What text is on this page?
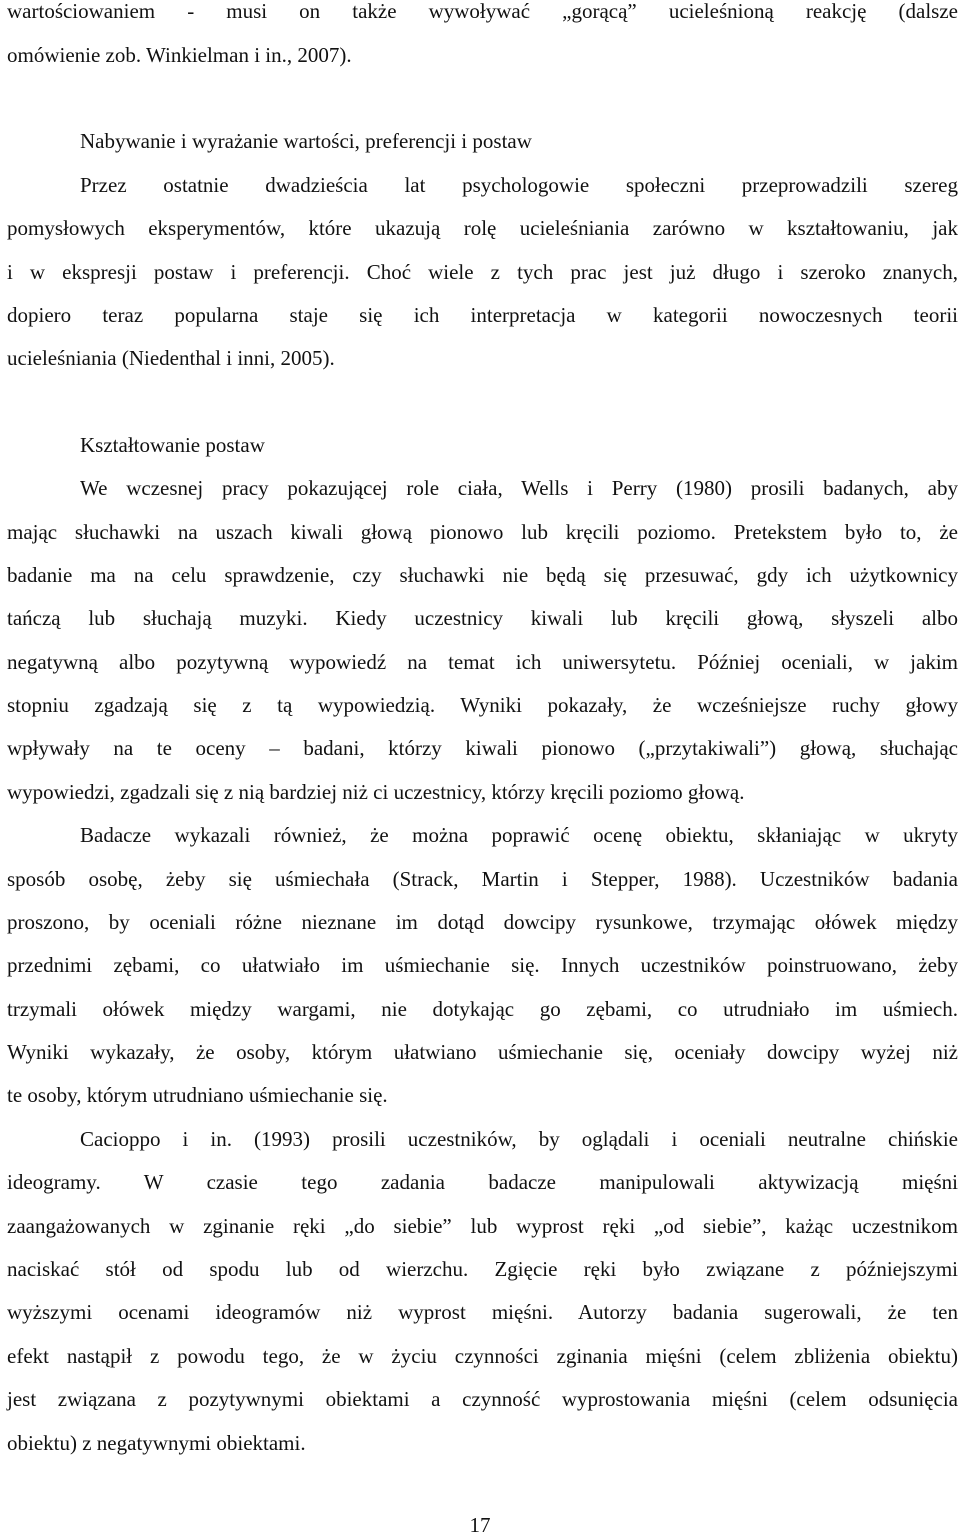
wartościowaniem - musi on także wywoływać „gorącą” ucieleśnioną reakcję (dalsze
omówienie zob. Winkielman i in., 2007).
Nabywanie i wyrażanie wartości, preferencji i postaw
Przez ostatnie dwadzieścia lat psychologowie społeczni przeprowadzili szereg
pomysłowych eksperymentów, które ukazują rolę ucieleśniania zarówno w kształtowaniu, jak
i w ekspresji postaw i preferencji. Choć wiele z tych prac jest już długo i szeroko znanych,
dopiero teraz popularna staje się ich interpretacja w kategorii nowoczesnych teorii
ucieleśniania (Niedenthal i inni, 2005).
Kształtowanie postaw
We wczesnej pracy pokazującej role ciała, Wells i Perry (1980) prosili badanych, aby
mając słuchawki na uszach kiwali głową pionowo lub kręcili poziomo. Pretekstem było to, że
badanie ma na celu sprawdzenie, czy słuchawki nie będą się przesuwać, gdy ich użytkownicy
tańczą lub słuchają muzyki. Kiedy uczestnicy kiwali lub kręcili głową, słyszeli albo
negatywną albo pozytywną wypowiedź na temat ich uniwersytetu. Później oceniali, w jakim
stopniu zgadzają się z tą wypowiedzią. Wyniki pokazały, że wcześniejsze ruchy głowy
wpływały na te oceny – badani, którzy kiwali pionowo („przytakiwali”) głową, słuchając
wypowiedzi, zgadzali się z nią bardziej niż ci uczestnicy, którzy kręcili poziomo głową.
Badacze wykazali również, że można poprawić ocenę obiektu, skłaniając w ukryty
sposób osobę, żeby się uśmiechała (Strack, Martin i Stepper, 1988). Uczestników badania
proszono, by oceniali różne nieznane im dotąd dowcipy rysunkowe, trzymając ołówek między
przednimi zębami, co ułatwiało im uśmiechanie się. Innych uczestników poinstruowano, żeby
trzymali ołówek między wargami, nie dotykając go zębami, co utrudniało im uśmiech.
Wyniki wykazały, że osoby, którym ułatwiano uśmiechanie się, oceniały dowcipy wyżej niż
te osoby, którym utrudniano uśmiechanie się.
Cacioppo i in. (1993) prosili uczestników, by oglądali i oceniali neutralne chińskie
ideogramy. W czasie tego zadania badacze manipulowali aktywizacją mięśni
zaangażowanych w zginanie ręki „do siebie” lub wyprost ręki „od siebie”, każąc uczestnikom
naciskać stół od spodu lub od wierzchu. Zgięcie ręki było związane z późniejszymi
wyższymi ocenami ideogramów niż wyprost mięśni. Autorzy badania sugerowali, że ten
efekt nastąpił z powodu tego, że w życiu czynności zginania mięśni (celem zbliżenia obiektu)
jest związana z pozytywnymi obiektami a czynność wyprostowania mięśni (celem odsunięcia
obiektu) z negatywnymi obiektami.
17
